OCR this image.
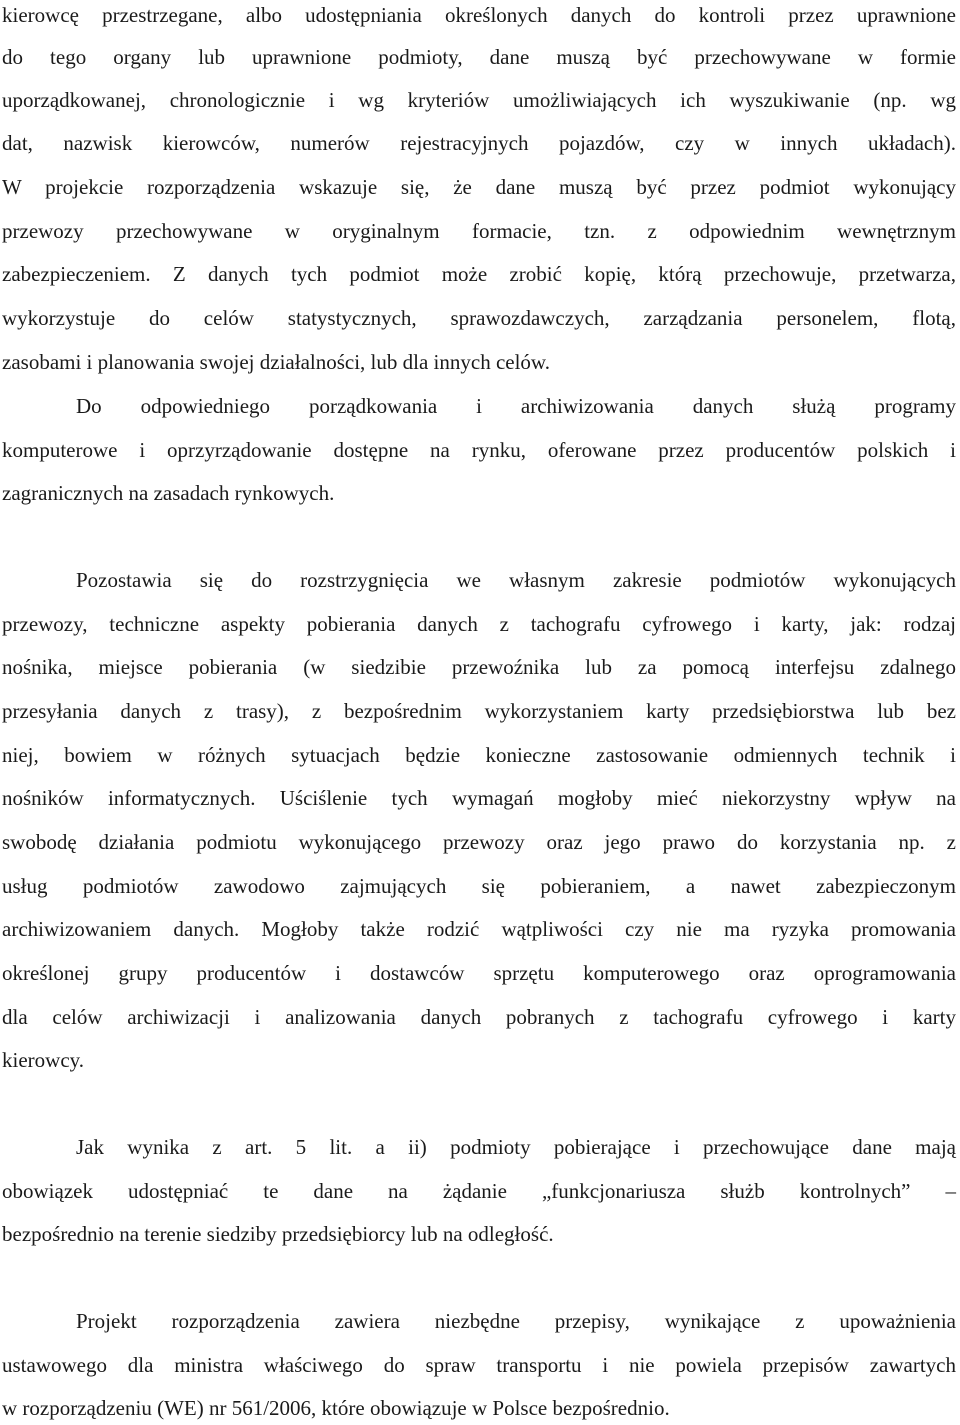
kierowcę przestrzegane, albo udostępniania określonych danych do kontroli przez uprawnione
do tego organy lub uprawnione podmioty, dane muszą być przechowywane w formie
uporządkowanej, chronologicznie i wg kryteriów umożliwiających ich wyszukiwanie (np. wg
dat, nazwisk kierowców, numerów rejestracyjnych pojazdów, czy w innych układach).
W projekcie rozporządzenia wskazuje się, że dane muszą być przez podmiot wykonujący
przewozy przechowywane w oryginalnym formacie, tzn. z odpowiednim wewnętrznym
zabezpieczeniem. Z danych tych podmiot może zrobić kopię, którą przechowuje, przetwarza,
wykorzystuje do celów statystycznych, sprawozdawczych, zarządzania personelem, flotą,
zasobami i planowania swojej działalności, lub dla innych celów.
Do odpowiedniego porządkowania i archiwizowania danych służą programy
komputerowe i oprzyrządowanie dostępne na rynku, oferowane przez producentów polskich i
zagranicznych na zasadach rynkowych.
Pozostawia się do rozstrzygnięcia we własnym zakresie podmiotów wykonujących
przewozy, techniczne aspekty pobierania danych z tachografu cyfrowego i karty, jak: rodzaj
nośnika, miejsce pobierania (w siedzibie przewoźnika lub za pomocą interfejsu zdalnego
przesyłania danych z trasy), z bezpośrednim wykorzystaniem karty przedsiębiorstwa lub bez
niej, bowiem w różnych sytuacjach będzie konieczne zastosowanie odmiennych technik i
nośników informatycznych. Uściślenie tych wymagań mogłoby mieć niekorzystny wpływ na
swobodę działania podmiotu wykonującego przewozy oraz jego prawo do korzystania np. z
usług podmiotów zawodowo zajmujących się pobieraniem, a nawet zabezpieczonym
archiwizowaniem danych. Mogłoby także rodzić wątpliwości czy nie ma ryzyka promowania
określonej grupy producentów i dostawców sprzętu komputerowego oraz oprogramowania
dla celów archiwizacji i analizowania danych pobranych z tachografu cyfrowego i karty
kierowcy.
Jak wynika z art. 5 lit. a ii) podmioty pobierające i przechowujące dane mają
obowiązek udostępniać te dane na żądanie „funkcjonariusza służb kontrolnych” –
bezpośrednio na terenie siedziby przedsiębiorcy lub na odległość.
Projekt rozporządzenia zawiera niezbędne przepisy, wynikające z upoważnienia
ustawowego dla ministra właściwego do spraw transportu i nie powiela przepisów zawartych
w rozporządzeniu (WE) nr 561/2006, które obowiązuje w Polsce bezpośrednio.
